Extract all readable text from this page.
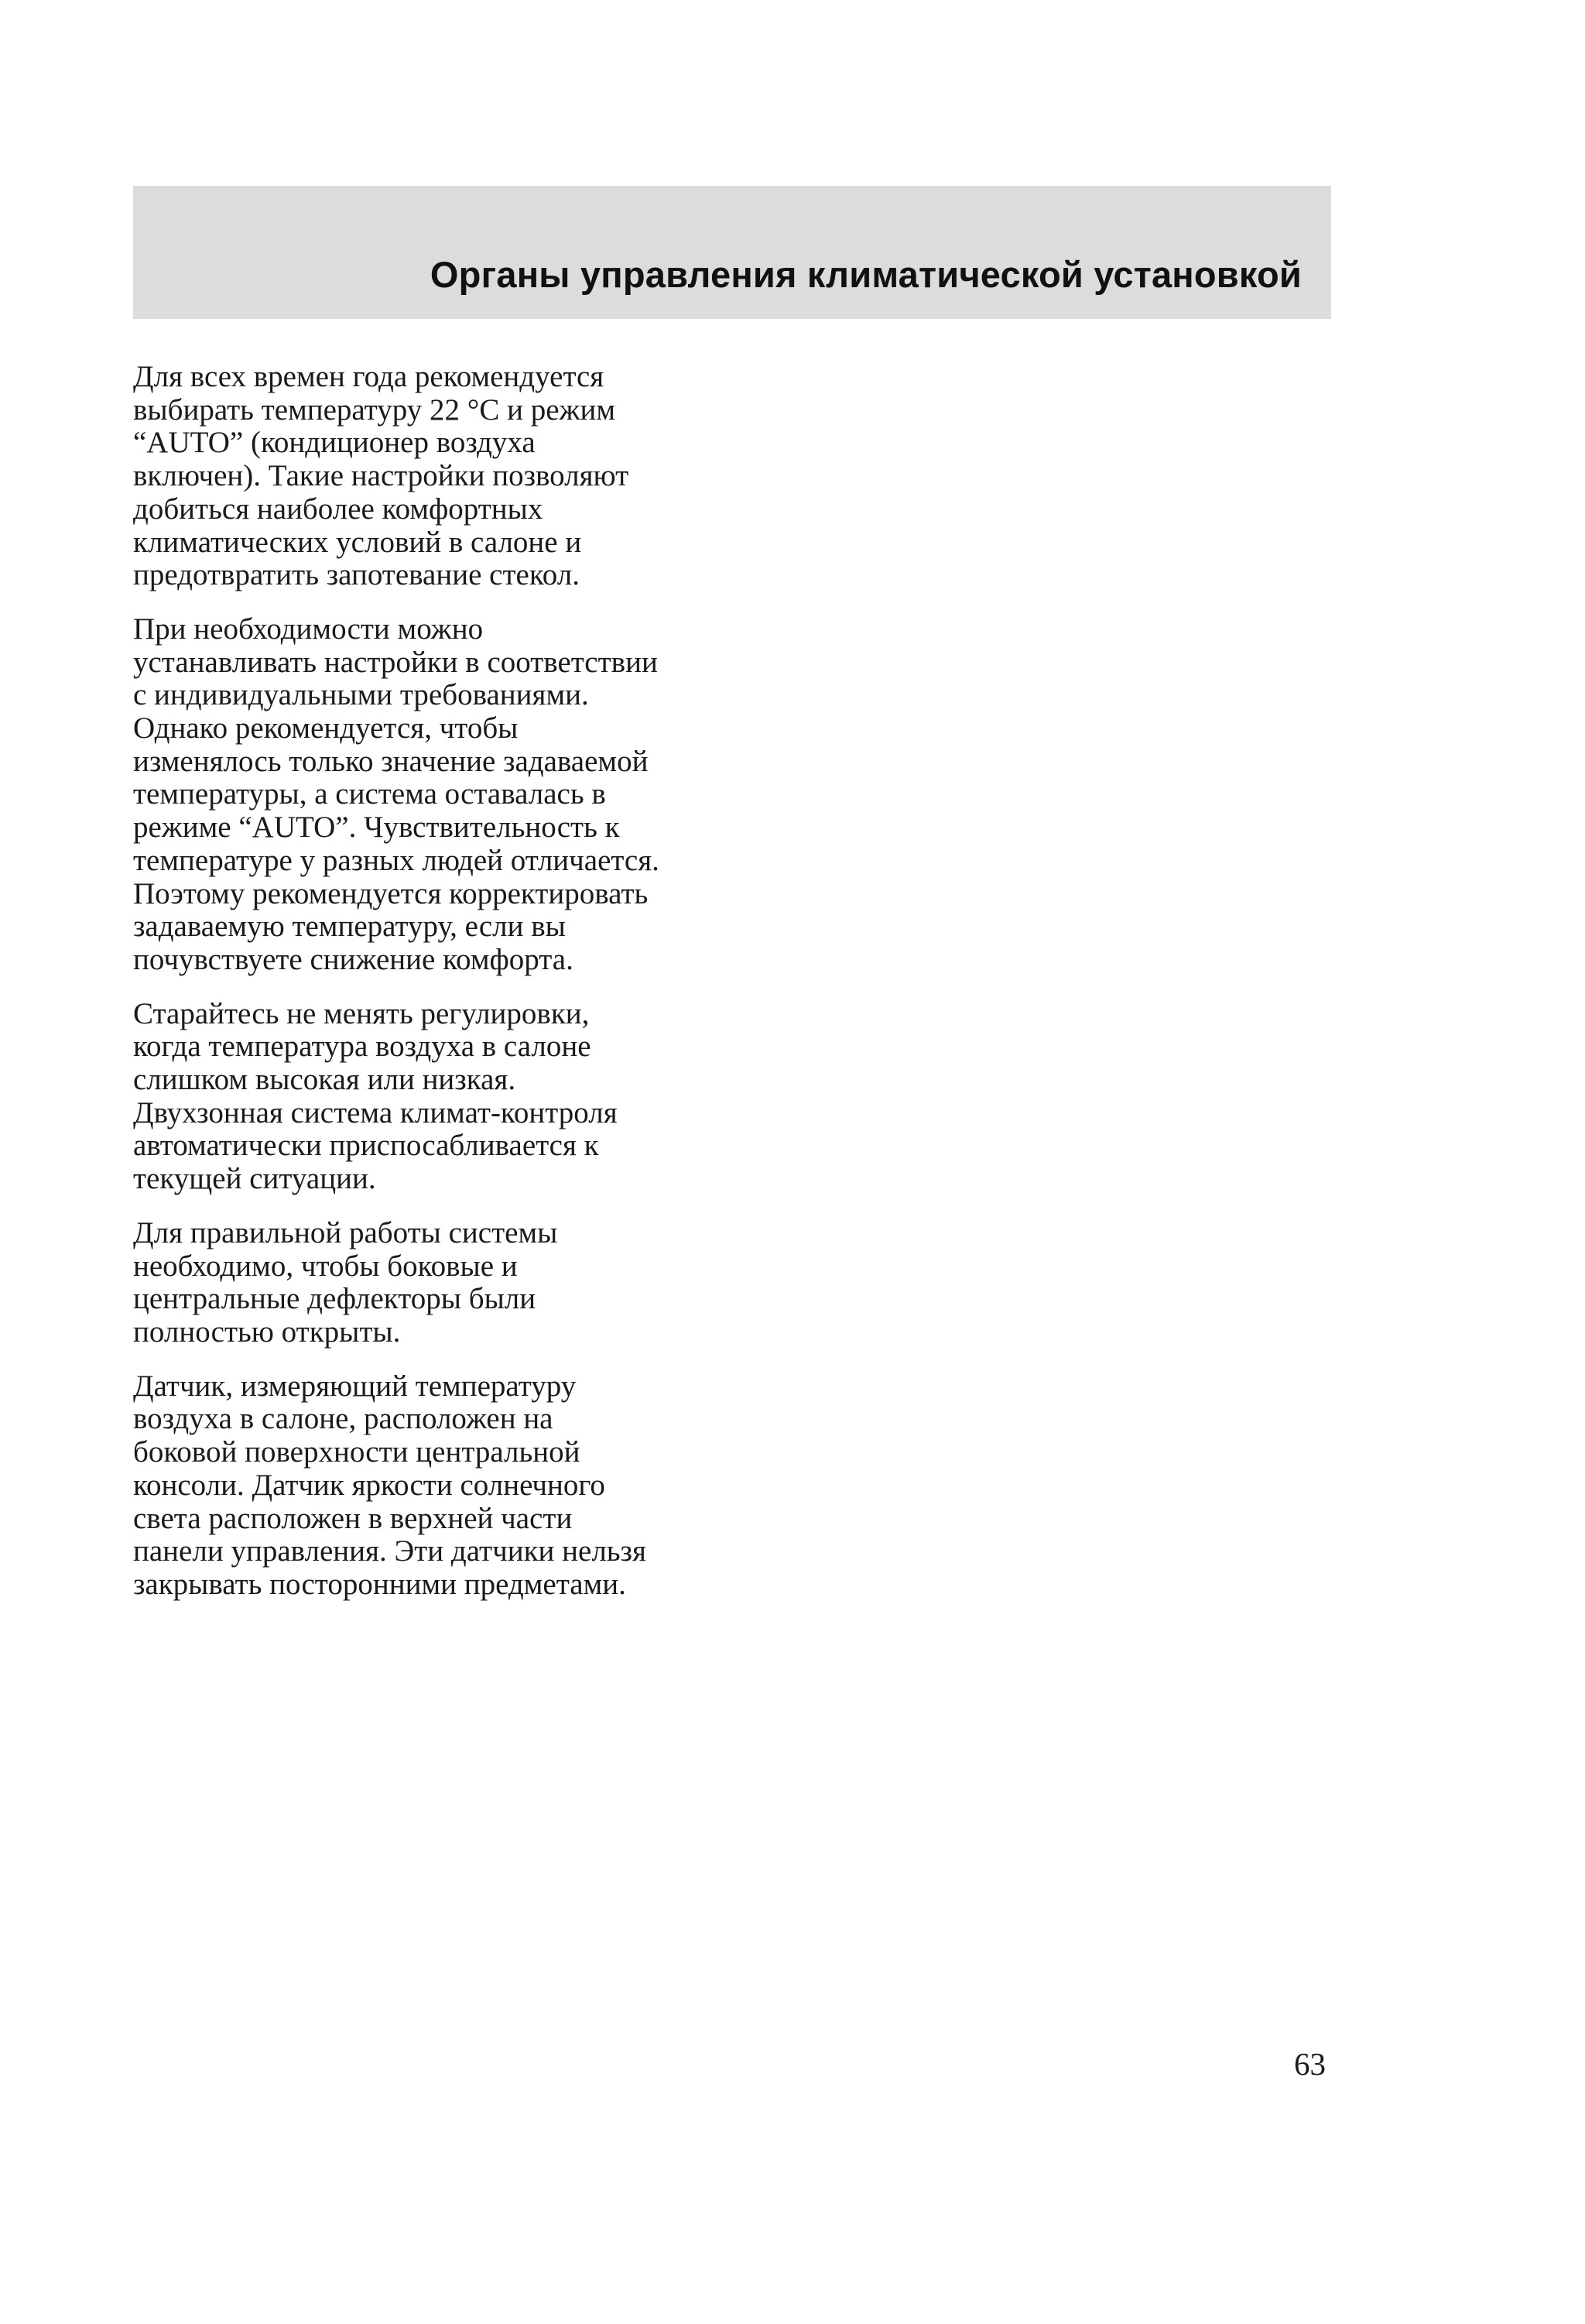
Органы управления климатической установкой

Для всех времен года рекомендуется
выбирать температуру 22 °C и режим
“AUTO” (кондиционер воздуха
включен). Такие настройки позволяют
добиться наиболее комфортных
климатических условий в салоне и
предотвратить запотевание стекол.

При необходимости можно
устанавливать настройки в соответствии
с индивидуальными требованиями.
Однако рекомендуется, чтобы
изменялось только значение задаваемой
температуры, а система оставалась в
режиме “AUTO”. Чувствительность к
температуре у разных людей отличается.
Поэтому рекомендуется корректировать
задаваемую температуру, если вы
почувствуете снижение комфорта.

Старайтесь не менять регулировки,
когда температура воздуха в салоне
слишком высокая или низкая.
Двухзонная система климат-контроля
автоматически приспосабливается к
текущей ситуации.

Для правильной работы системы
необходимо, чтобы боковые и
центральные дефлекторы были
полностью открыты.

Датчик, измеряющий температуру
воздуха в салоне, расположен на
боковой поверхности центральной
консоли. Датчик яркости солнечного
света расположен в верхней части
панели управления. Эти датчики нельзя
закрывать посторонними предметами.

63
